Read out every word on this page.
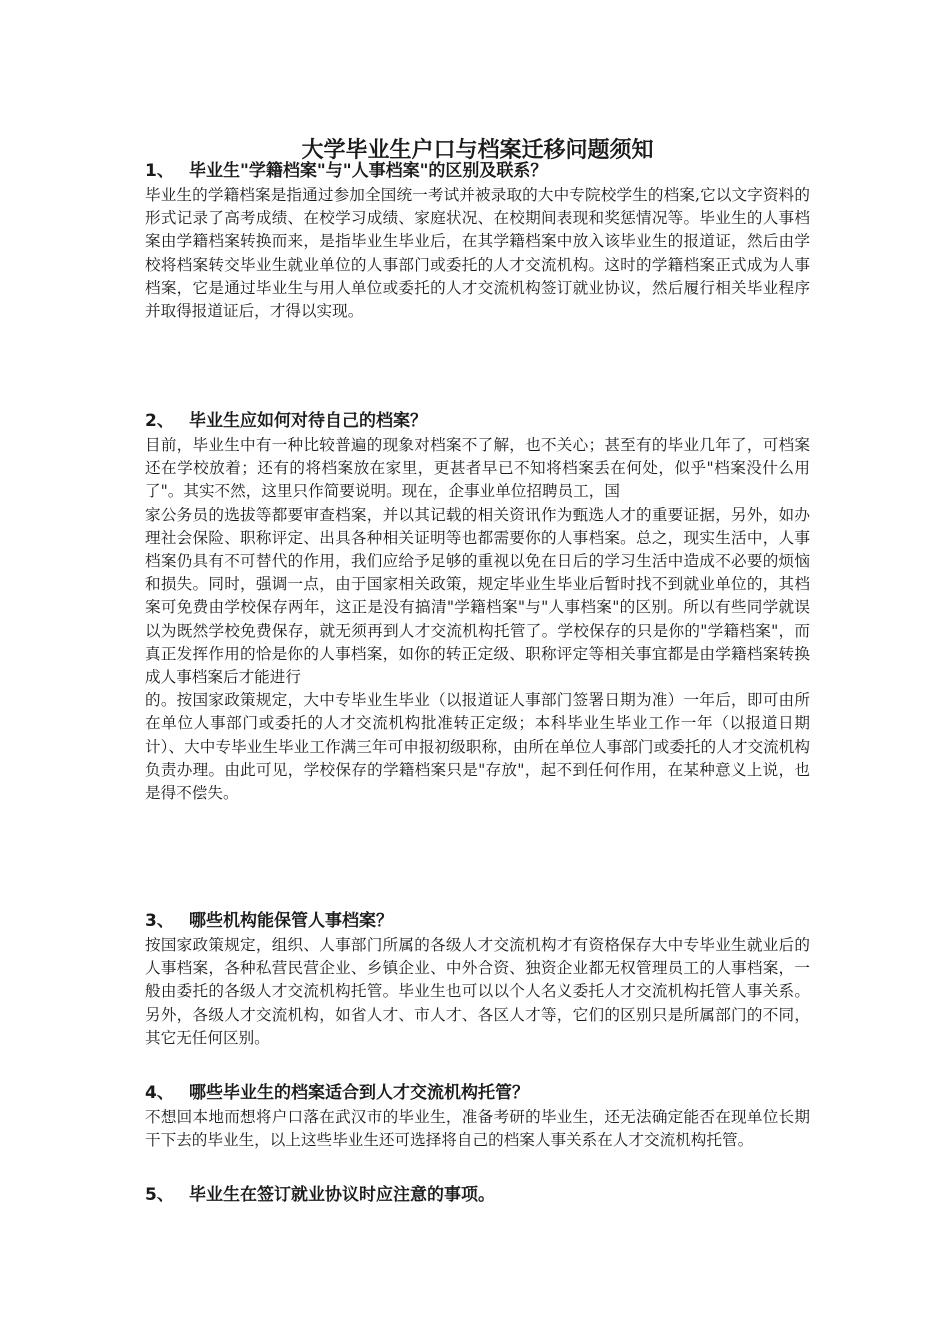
大学毕业生户口与档案迁移问题须知
1、 毕业生"学籍档案"与"人事档案"的区别及联系？

毕业生的学籍档案是指通过参加全国统一考试并被录取的大中专院校学生的档案,它以文字资料的形式记录了高考成绩、在校学习成绩、家庭状况、在校期间表现和奖惩情况等。毕业生的人事档案由学籍档案转换而来，是指毕业生毕业后，在其学籍档案中放入该毕业生的报道证，然后由学校将档案转交毕业生就业单位的人事部门或委托的人才交流机构。这时的学籍档案正式成为人事档案，它是通过毕业生与用人单位或委托的人才交流机构签订就业协议，然后履行相关毕业程序并取得报道证后，才得以实现。

2、 毕业生应如何对待自己的档案？

目前，毕业生中有一种比较普遍的现象对档案不了解，也不关心；甚至有的毕业几年了，可档案还在学校放着；还有的将档案放在家里，更甚者早已不知将档案丢在何处，似乎"档案没什么用了"。其实不然，这里只作简要说明。现在，企事业单位招聘员工，国

家公务员的选拔等都要审查档案，并以其记载的相关资讯作为甄选人才的重要证据，另外，如办理社会保险、职称评定、出具各种相关证明等也都需要你的人事档案。总之，现实生活中，人事档案仍具有不可替代的作用，我们应给予足够的重视以免在日后的学习生活中造成不必要的烦恼和损失。同时，强调一点，由于国家相关政策，规定毕业生毕业后暂时找不到就业单位的，其档案可免费由学校保存两年，这正是没有搞清"学籍档案"与"人事档案"的区别。所以有些同学就误以为既然学校免费保存，就无须再到人才交流机构托管了。学校保存的只是你的"学籍档案"，而真正发挥作用的恰是你的人事档案，如你的转正定级、职称评定等相关事宜都是由学籍档案转换成人事档案后才能进行

的。按国家政策规定，大中专毕业生毕业（以报道证人事部门签署日期为准）一年后，即可由所在单位人事部门或委托的人才交流机构批准转正定级；本科毕业生毕业工作一年（以报道日期计）、大中专毕业生毕业工作满三年可申报初级职称，由所在单位人事部门或委托的人才交流机构负责办理。由此可见，学校保存的学籍档案只是"存放"，起不到任何作用，在某种意义上说，也是得不偿失。

3、 哪些机构能保管人事档案？

按国家政策规定，组织、人事部门所属的各级人才交流机构才有资格保存大中专毕业生就业后的人事档案，各种私营民营企业、乡镇企业、中外合资、独资企业都无权管理员工的人事档案，一般由委托的各级人才交流机构托管。毕业生也可以以个人名义委托人才交流机构托管人事关系。另外，各级人才交流机构，如省人才、市人才、各区人才等，它们的区别只是所属部门的不同，其它无任何区别。

4、 哪些毕业生的档案适合到人才交流机构托管？

不想回本地而想将户口落在武汉市的毕业生，准备考研的毕业生，还无法确定能否在现单位长期干下去的毕业生，以上这些毕业生还可选择将自己的档案人事关系在人才交流机构托管。

5、 毕业生在签订就业协议时应注意的事项。
